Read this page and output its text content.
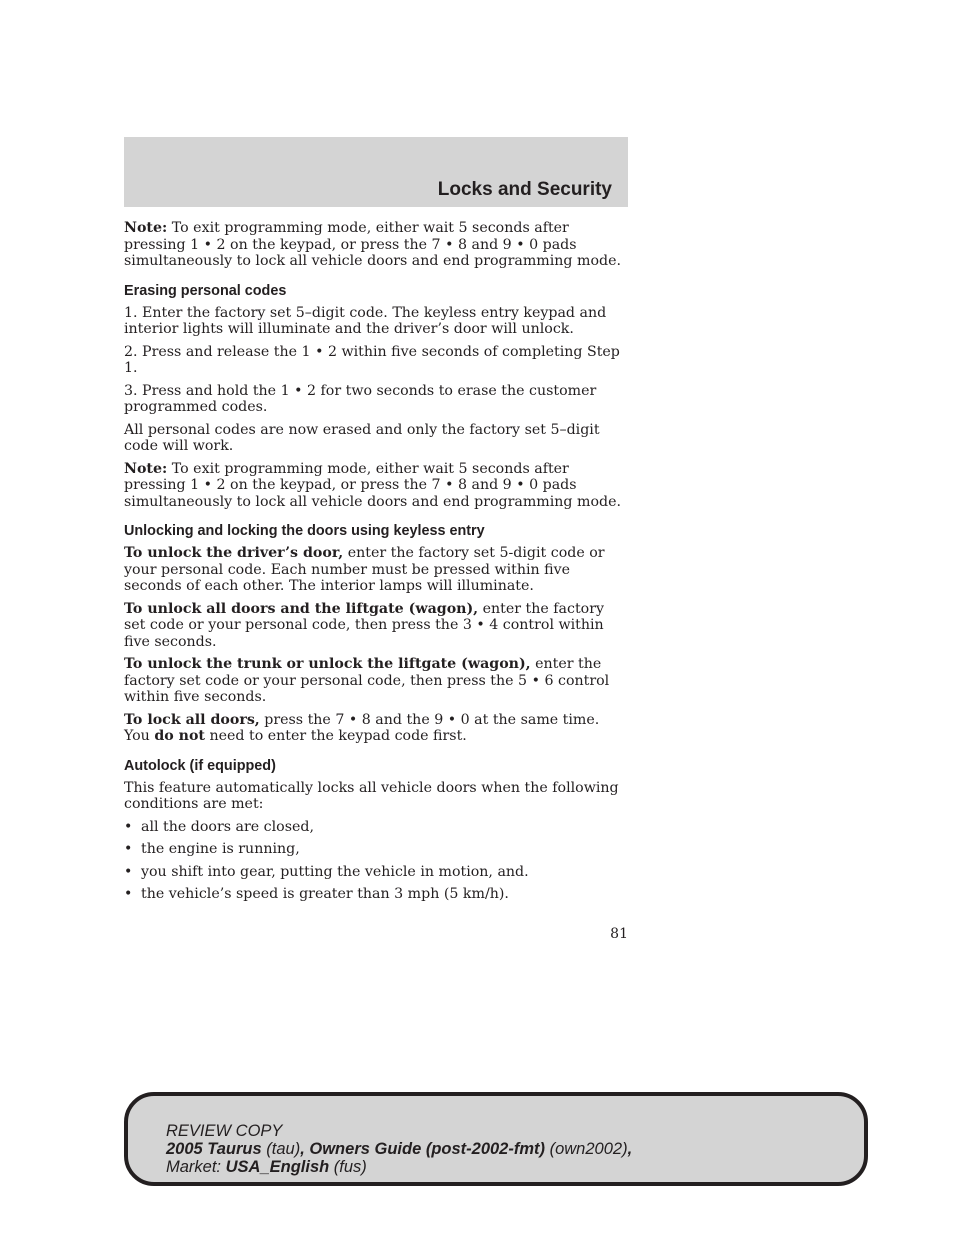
Locks and Security

Note: To exit programming mode, either wait 5 seconds after pressing 1 • 2 on the keypad, or press the 7 • 8 and 9 • 0 pads simultaneously to lock all vehicle doors and end programming mode.

Erasing personal codes

1. Enter the factory set 5–digit code. The keyless entry keypad and interior lights will illuminate and the driver’s door will unlock.

2. Press and release the 1 • 2 within five seconds of completing Step 1.

3. Press and hold the 1 • 2 for two seconds to erase the customer programmed codes.

All personal codes are now erased and only the factory set 5–digit code will work.

Note: To exit programming mode, either wait 5 seconds after pressing 1 • 2 on the keypad, or press the 7 • 8 and 9 • 0 pads simultaneously to lock all vehicle doors and end programming mode.

Unlocking and locking the doors using keyless entry

To unlock the driver’s door, enter the factory set 5-digit code or your personal code. Each number must be pressed within five seconds of each other. The interior lamps will illuminate.

To unlock all doors and the liftgate (wagon), enter the factory set code or your personal code, then press the 3 • 4 control within five seconds.

To unlock the trunk or unlock the liftgate (wagon), enter the factory set code or your personal code, then press the 5 • 6 control within five seconds.

To lock all doors, press the 7 • 8 and the 9 • 0 at the same time. You do not need to enter the keypad code first.

Autolock (if equipped)

This feature automatically locks all vehicle doors when the following conditions are met:

• all the doors are closed,
• the engine is running,
• you shift into gear, putting the vehicle in motion, and.
• the vehicle’s speed is greater than 3 mph (5 km/h).
81
REVIEW COPY
2005 Taurus (tau), Owners Guide (post-2002-fmt) (own2002),
Market: USA_English (fus)
